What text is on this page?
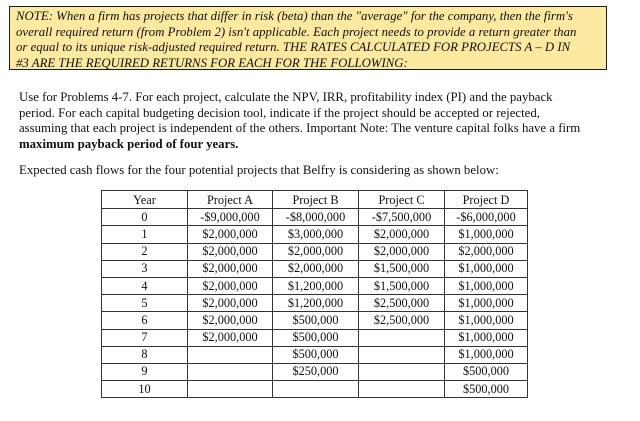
NOTE: When a firm has projects that differ in risk (beta) than the "average" for the company, then the firm's
overall required return (from Problem 2) isn't applicable. Each project needs to provide a return greater than
or equal to its unique risk-adjusted required return. THE RATES CALCULATED FOR PROJECTS A – D IN
#3 ARE THE REQUIRED RETURNS FOR EACH FOR THE FOLLOWING:
Use for Problems 4-7. For each project, calculate the NPV, IRR, profitability index (PI) and the payback
period. For each capital budgeting decision tool, indicate if the project should be accepted or rejected,
assuming that each project is independent of the others. Important Note: The venture capital folks have a firm
maximum payback period of four years.
Expected cash flows for the four potential projects that Belfry is considering as shown below:
Year	Project A	Project B	Project C	Project D
0	-$9,000,000	-$8,000,000	-$7,500,000	-$6,000,000
1	$2,000,000	$3,000,000	$2,000,000	$1,000,000
2	$2,000,000	$2,000,000	$2,000,000	$2,000,000
3	$2,000,000	$2,000,000	$1,500,000	$1,000,000
4	$2,000,000	$1,200,000	$1,500,000	$1,000,000
5	$2,000,000	$1,200,000	$2,500,000	$1,000,000
6	$2,000,000	$500,000	$2,500,000	$1,000,000
7	$2,000,000	$500,000		$1,000,000
8		$500,000		$1,000,000
9		$250,000		$500,000
10				$500,000
